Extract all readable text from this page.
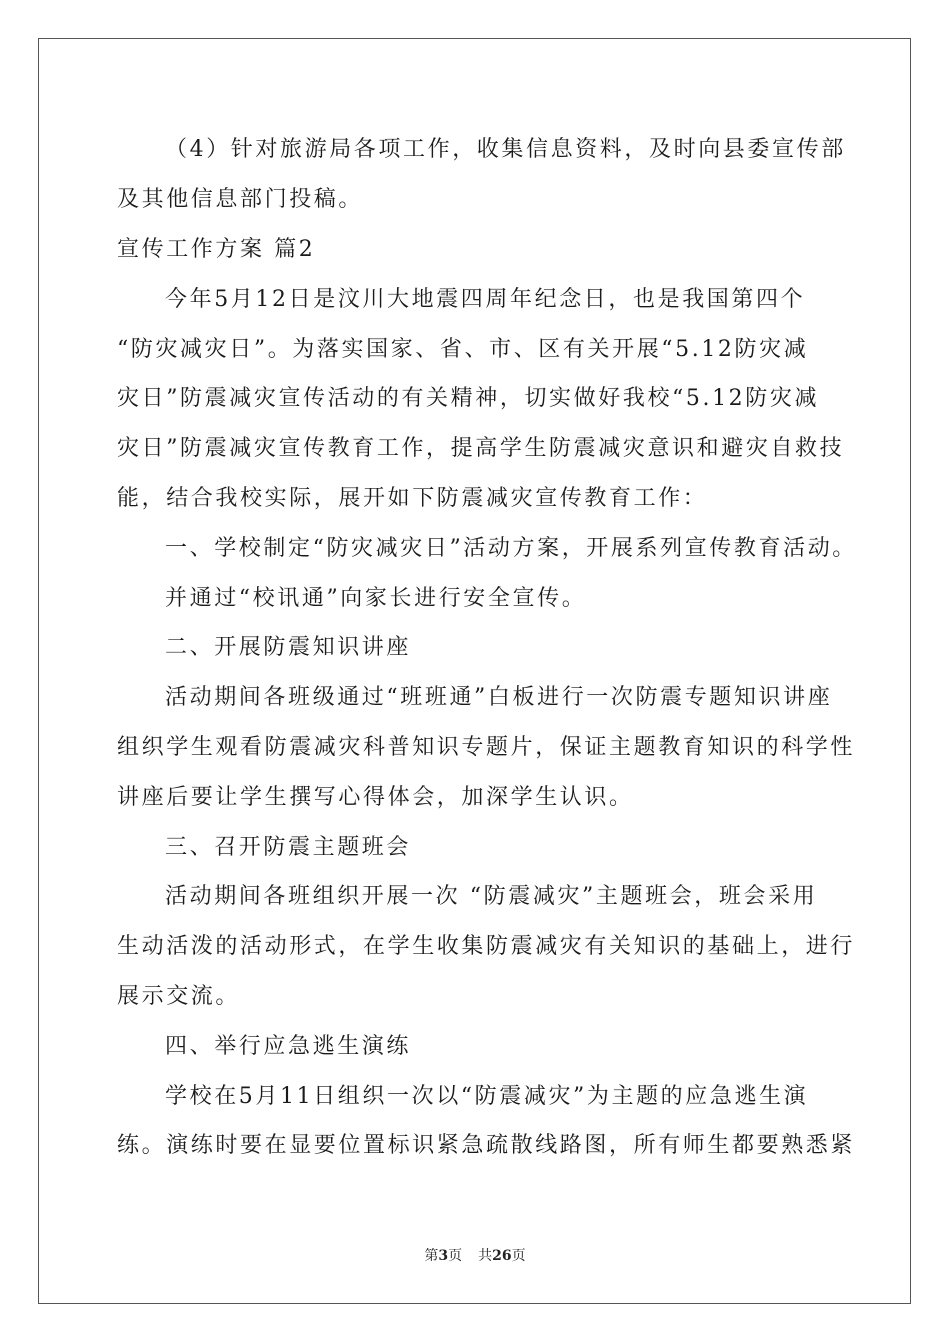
（4）针对旅游局各项工作，收集信息资料，及时向县委宣传部
及其他信息部门投稿。
宣传工作方案 篇2
今年5月12日是汶川大地震四周年纪念日，也是我国第四个
“防灾减灾日”。为落实国家、省、市、区有关开展“5.12防灾减
灾日”防震减灾宣传活动的有关精神，切实做好我校“5.12防灾减
灾日”防震减灾宣传教育工作，提高学生防震减灾意识和避灾自救技
能，结合我校实际，展开如下防震减灾宣传教育工作：
一、学校制定“防灾减灾日”活动方案，开展系列宣传教育活动。
并通过“校讯通”向家长进行安全宣传。
二、开展防震知识讲座
活动期间各班级通过“班班通”白板进行一次防震专题知识讲座
组织学生观看防震减灾科普知识专题片，保证主题教育知识的科学性
讲座后要让学生撰写心得体会，加深学生认识。
三、召开防震主题班会
活动期间各班组织开展一次 “防震减灾”主题班会，班会采用
生动活泼的活动形式，在学生收集防震减灾有关知识的基础上，进行
展示交流。
四、举行应急逃生演练
学校在5月11日组织一次以“防震减灾”为主题的应急逃生演
练。演练时要在显要位置标识紧急疏散线路图，所有师生都要熟悉紧
第3页 共26页
